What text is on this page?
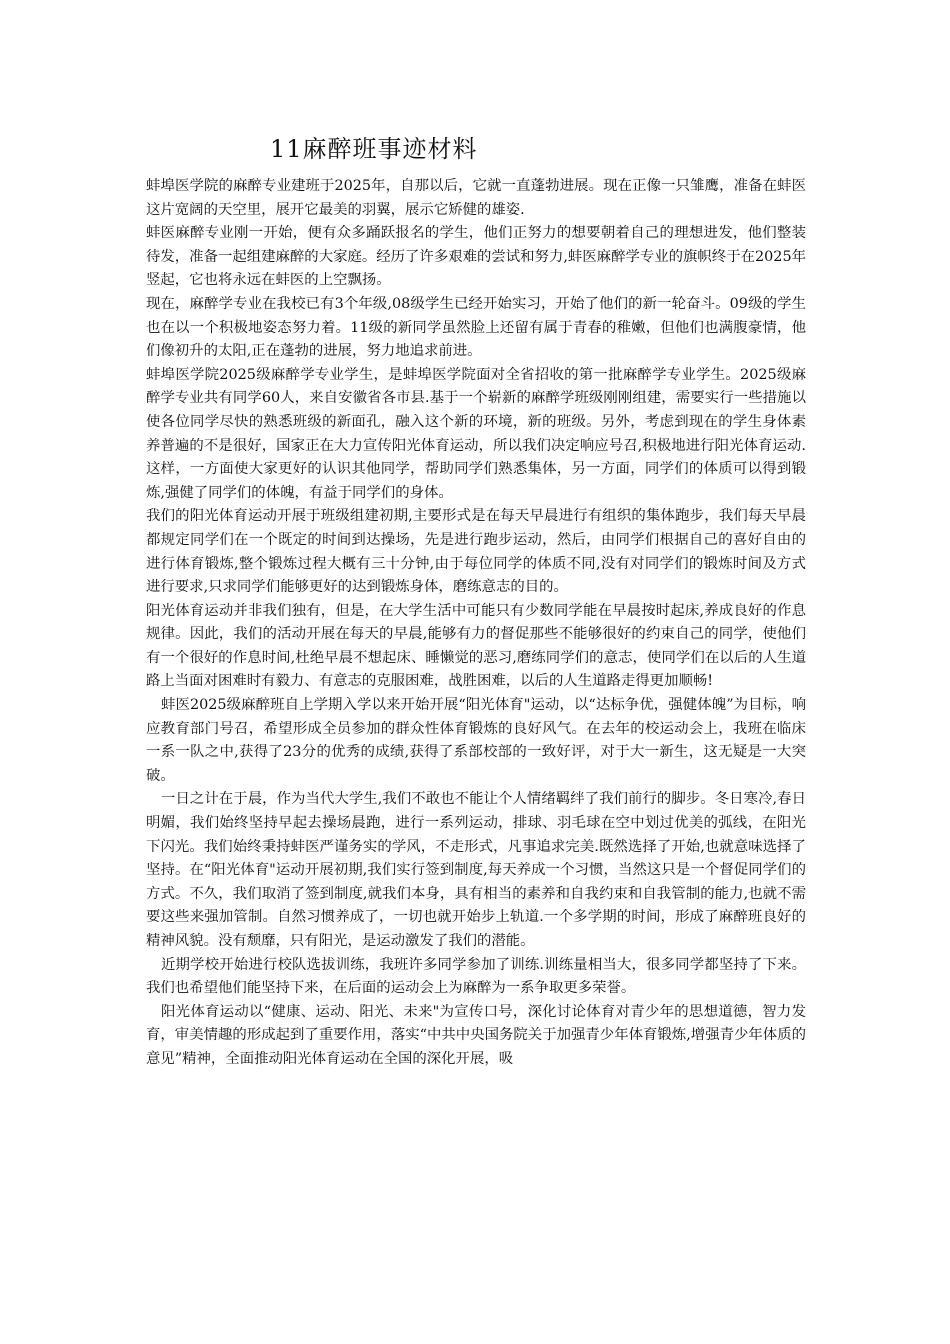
11麻醉班事迹材料

蚌埠医学院的麻醉专业建班于2025年，自那以后，它就一直蓬勃进展。现在正像一只雏鹰，准备在蚌医这片宽阔的天空里，展开它最美的羽翼，展示它矫健的雄姿.

蚌医麻醉专业刚一开始，便有众多踊跃报名的学生，他们正努力的想要朝着自己的理想进发，他们整装待发，准备一起组建麻醉的大家庭。经历了许多艰难的尝试和努力,蚌医麻醉学专业的旗帜终于在2025年竖起，它也将永远在蚌医的上空飘扬。

现在，麻醉学专业在我校已有3个年级,08级学生已经开始实习，开始了他们的新一轮奋斗。09级的学生也在以一个积极地姿态努力着。11级的新同学虽然脸上还留有属于青春的稚嫩，但他们也满腹豪情，他们像初升的太阳,正在蓬勃的进展，努力地追求前进。

蚌埠医学院2025级麻醉学专业学生，是蚌埠医学院面对全省招收的第一批麻醉学专业学生。2025级麻醉学专业共有同学60人，来自安徽省各市县.基于一个崭新的麻醉学班级刚刚组建，需要实行一些措施以使各位同学尽快的熟悉班级的新面孔，融入这个新的环境，新的班级。另外，考虑到现在的学生身体素养普遍的不是很好，国家正在大力宣传阳光体育运动，所以我们决定响应号召,积极地进行阳光体育运动.这样，一方面使大家更好的认识其他同学，帮助同学们熟悉集体，另一方面，同学们的体质可以得到锻炼,强健了同学们的体魄，有益于同学们的身体。

我们的阳光体育运动开展于班级组建初期,主要形式是在每天早晨进行有组织的集体跑步，我们每天早晨都规定同学们在一个既定的时间到达操场，先是进行跑步运动，然后，由同学们根据自己的喜好自由的进行体育锻炼,整个锻炼过程大概有三十分钟,由于每位同学的体质不同,没有对同学们的锻炼时间及方式进行要求,只求同学们能够更好的达到锻炼身体，磨练意志的目的。

阳光体育运动并非我们独有，但是，在大学生活中可能只有少数同学能在早晨按时起床,养成良好的作息规律。因此，我们的活动开展在每天的早晨,能够有力的督促那些不能够很好的约束自己的同学，使他们有一个很好的作息时间,杜绝早晨不想起床、睡懒觉的恶习,磨练同学们的意志，使同学们在以后的人生道路上当面对困难时有毅力、有意志的克服困难，战胜困难，以后的人生道路走得更加顺畅!

蚌医2025级麻醉班自上学期入学以来开始开展“阳光体育"运动，以“达标争优，强健体魄”为目标，响应教育部门号召，希望形成全员参加的群众性体育锻炼的良好风气。在去年的校运动会上，我班在临床一系一队之中,获得了23分的优秀的成绩,获得了系部校部的一致好评，对于大一新生，这无疑是一大突破。

一日之计在于晨，作为当代大学生,我们不敢也不能让个人情绪羁绊了我们前行的脚步。冬日寒冷,春日明媚，我们始终坚持早起去操场晨跑，进行一系列运动，排球、羽毛球在空中划过优美的弧线，在阳光下闪光。我们始终秉持蚌医严谨务实的学风，不走形式，凡事追求完美.既然选择了开始,也就意味选择了坚持。在“阳光体育"运动开展初期,我们实行签到制度,每天养成一个习惯，当然这只是一个督促同学们的方式。不久，我们取消了签到制度,就我们本身，具有相当的素养和自我约束和自我管制的能力,也就不需要这些来强加管制。自然习惯养成了，一切也就开始步上轨道.一个多学期的时间，形成了麻醉班良好的精神风貌。没有颓靡，只有阳光，是运动激发了我们的潜能。

近期学校开始进行校队选拔训练，我班许多同学参加了训练.训练量相当大，很多同学都坚持了下来。我们也希望他们能坚持下来，在后面的运动会上为麻醉为一系争取更多荣誉。

阳光体育运动以“健康、运动、阳光、未来"为宣传口号，深化讨论体育对青少年的思想道德，智力发育，审美情趣的形成起到了重要作用，落实“中共中央国务院关于加强青少年体育锻炼,增强青少年体质的意见”精神，全面推动阳光体育运动在全国的深化开展，吸
